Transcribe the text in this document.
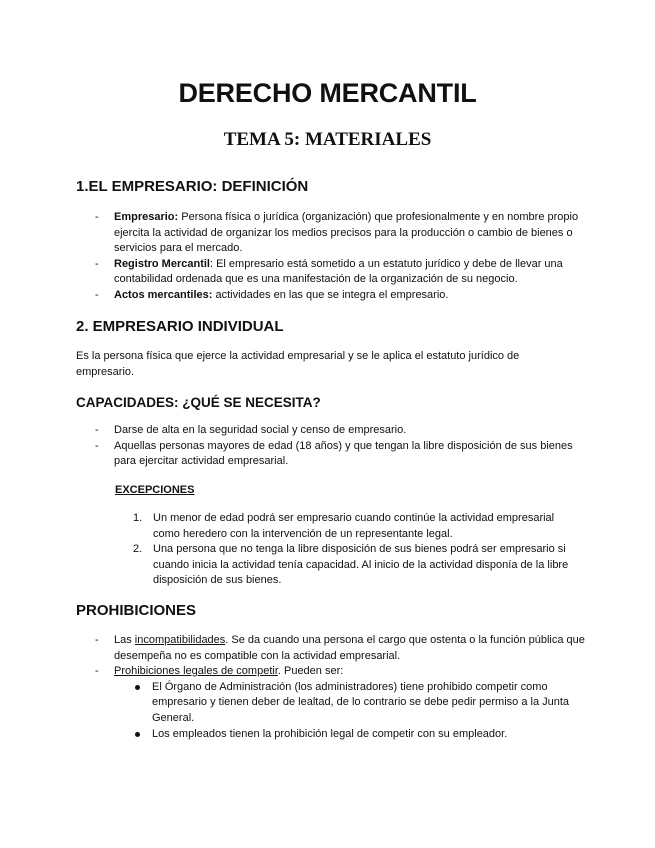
DERECHO MERCANTIL
TEMA 5: MATERIALES
1.EL EMPRESARIO: DEFINICIÓN
- Empresario: Persona física o jurídica (organización) que profesionalmente y en nombre propio ejercita la actividad de organizar los medios precisos para la producción o cambio de bienes o servicios para el mercado.
- Registro Mercantil: El empresario está sometido a un estatuto jurídico y debe de llevar una contabilidad ordenada que es una manifestación de la organización de su negocio.
- Actos mercantiles: actividades en las que se integra el empresario.
2. EMPRESARIO INDIVIDUAL

Es la persona física que ejerce la actividad empresarial y se le aplica el estatuto jurídico de empresario.

CAPACIDADES: ¿QUÉ SE NECESITA?
- Darse de alta en la seguridad social y censo de empresario.
- Aquellas personas mayores de edad (18 años) y que tengan la libre disposición de sus bienes para ejercitar actividad empresarial.
EXCEPCIONES
1. Un menor de edad podrá ser empresario cuando continúe la actividad empresarial como heredero con la intervención de un representante legal.
2. Una persona que no tenga la libre disposición de sus bienes podrá ser empresario si cuando inicia la actividad tenía capacidad. Al inicio de la actividad disponía de la libre disposición de sus bienes.
PROHIBICIONES
- Las incompatibilidades. Se da cuando una persona el cargo que ostenta o la función pública que desempeña no es compatible con la actividad empresarial.
- Prohibiciones legales de competir. Pueden ser:
El Órgano de Administración (los administradores) tiene prohibido competir como empresario y tienen deber de lealtad, de lo contrario se debe pedir permiso a la Junta General.
Los empleados tienen la prohibición legal de competir con su empleador.
